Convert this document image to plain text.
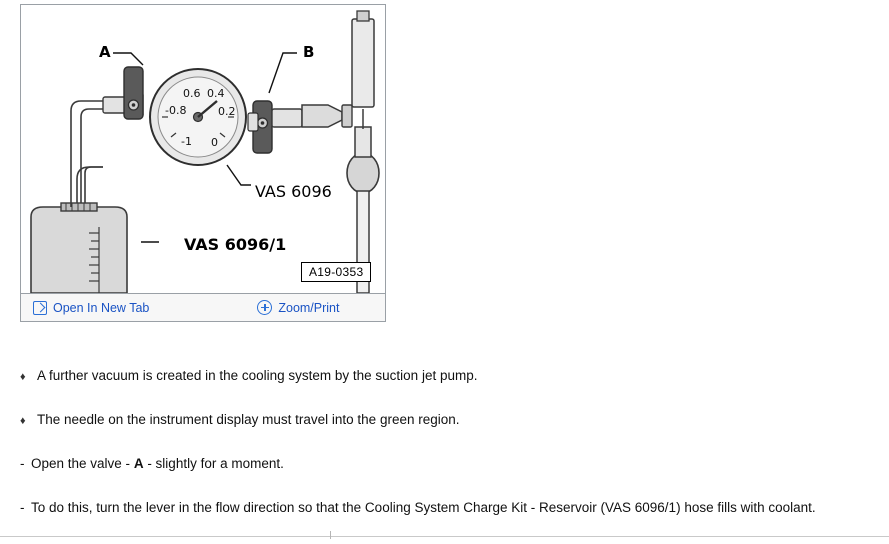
0.6 0.4
-0.8	0.2
-1 0
A	B
VAS 6096
VAS 6096/1
A19-0353
Open In New Tab	Zoom/Print
♦ A further vacuum is created in the cooling system by the suction jet pump.
♦ The needle on the instrument display must travel into the green region.
- Open the valve - A - slightly for a moment.
- To do this, turn the lever in the flow direction so that the Cooling System Charge Kit - Reservoir (VAS 6096/1) hose fills with coolant.
